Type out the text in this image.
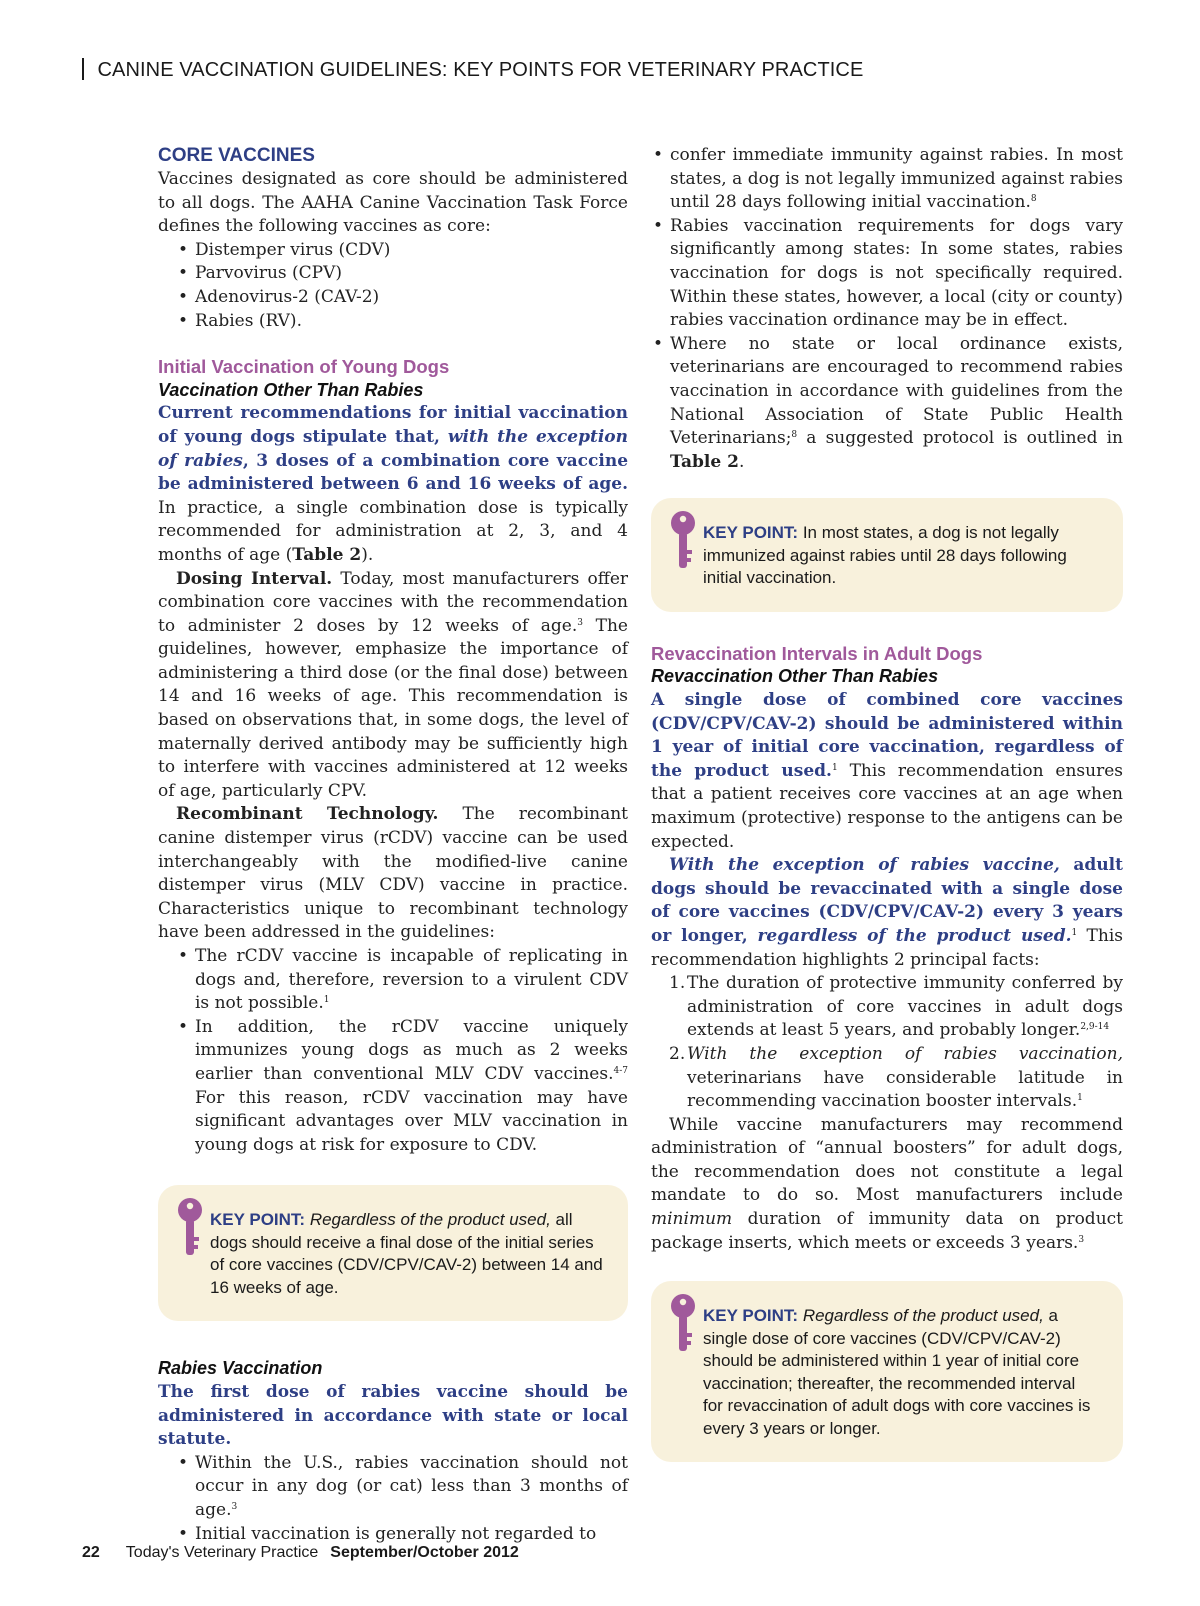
CANINE VACCINATION GUIDELINES: KEY POINTS FOR VETERINARY PRACTICE
CORE VACCINES

Vaccines designated as core should be administered to all dogs. The AAHA Canine Vaccination Task Force defines the following vaccines as core:

• Distemper virus (CDV)
• Parvovirus (CPV)
• Adenovirus-2 (CAV-2)
• Rabies (RV).
Initial Vaccination of Young Dogs
Vaccination Other Than Rabies

Current recommendations for initial vaccination of young dogs stipulate that, with the exception of rabies, 3 doses of a combination core vaccine be administered between 6 and 16 weeks of age. In practice, a single combination dose is typically recommended for administration at 2, 3, and 4 months of age (Table 2).

Dosing Interval. Today, most manufacturers offer combination core vaccines with the recommendation to administer 2 doses by 12 weeks of age.$^3$ The guidelines, however, emphasize the importance of administering a third dose (or the final dose) between 14 and 16 weeks of age. This recommendation is based on observations that, in some dogs, the level of maternally derived antibody may be sufficiently high to interfere with vaccines administered at 12 weeks of age, particularly CPV.

Recombinant Technology. The recombinant canine distemper virus (rCDV) vaccine can be used interchangeably with the modified-live canine distemper virus (MLV CDV) vaccine in practice. Characteristics unique to recombinant technology have been addressed in the guidelines:

• The rCDV vaccine is incapable of replicating in dogs and, therefore, reversion to a virulent CDV is not possible.$^1$
• In addition, the rCDV vaccine uniquely immunizes young dogs as much as 2 weeks earlier than conventional MLV CDV vaccines.$^{4-7}$ For this reason, rCDV vaccination may have significant advantages over MLV vaccination in young dogs at risk for exposure to CDV.
KEY POINT: Regardless of the product used, all dogs should receive a final dose of the initial series of core vaccines (CDV/CPV/CAV-2) between 14 and 16 weeks of age.
Rabies Vaccination

The first dose of rabies vaccine should be administered in accordance with state or local statute.

• Within the U.S., rabies vaccination should not occur in any dog (or cat) less than 3 months of age.$^3$
• Initial vaccination is generally not regarded to
• confer immediate immunity against rabies. In most states, a dog is not legally immunized against rabies until 28 days following initial vaccination.$^8$
• Rabies vaccination requirements for dogs vary significantly among states: In some states, rabies vaccination for dogs is not specifically required. Within these states, however, a local (city or county) rabies vaccination ordinance may be in effect.
• Where no state or local ordinance exists, veterinarians are encouraged to recommend rabies vaccination in accordance with guidelines from the National Association of State Public Health Veterinarians;$^8$ a suggested protocol is outlined in Table 2.
KEY POINT: In most states, a dog is not legally immunized against rabies until 28 days following initial vaccination.
Revaccination Intervals in Adult Dogs
Revaccination Other Than Rabies

A single dose of combined core vaccines (CDV/CPV/CAV-2) should be administered within 1 year of initial core vaccination, regardless of the product used.$^1$ This recommendation ensures that a patient receives core vaccines at an age when maximum (protective) response to the antigens can be expected.

With the exception of rabies vaccine, adult dogs should be revaccinated with a single dose of core vaccines (CDV/CPV/CAV-2) every 3 years or longer, regardless of the product used.$^1$ This recommendation highlights 2 principal facts:

1. The duration of protective immunity conferred by administration of core vaccines in adult dogs extends at least 5 years, and probably longer.$^{2,9-14}$
2. With the exception of rabies vaccination, veterinarians have considerable latitude in recommending vaccination booster intervals.$^1$

While vaccine manufacturers may recommend administration of “annual boosters” for adult dogs, the recommendation does not constitute a legal mandate to do so. Most manufacturers include minimum duration of immunity data on product package inserts, which meets or exceeds 3 years.$^3$

KEY POINT: Regardless of the product used, a single dose of core vaccines (CDV/CPV/CAV-2) should be administered within 1 year of initial core vaccination; thereafter, the recommended interval for revaccination of adult dogs with core vaccines is every 3 years or longer.
22 Today's Veterinary Practice September/October 2012
